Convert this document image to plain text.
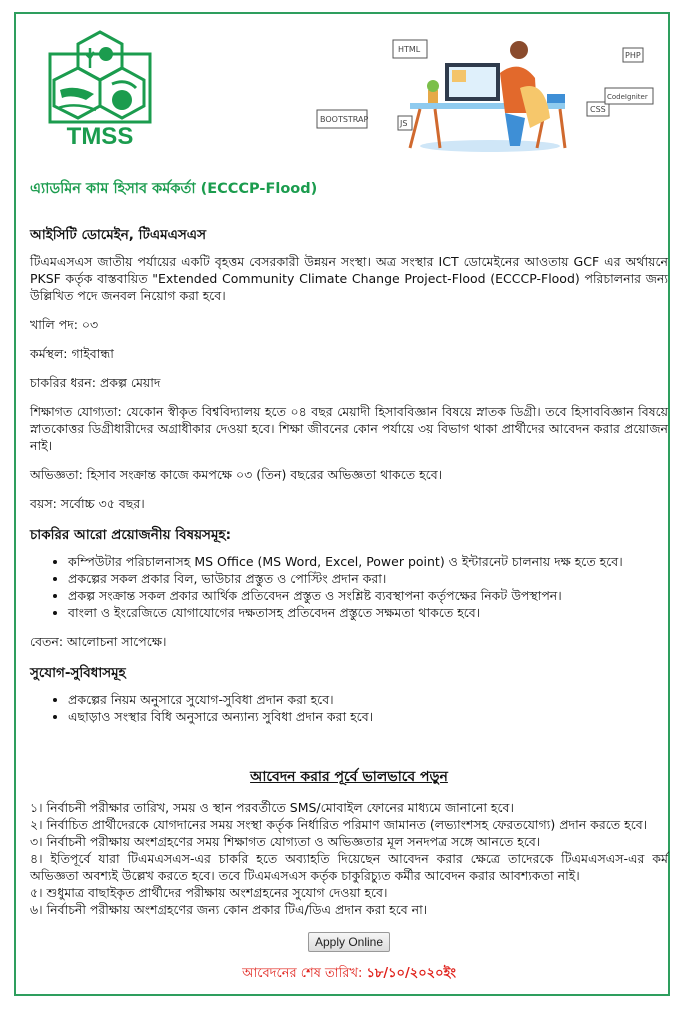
TMSS
HTML
PHP
BOOTSTRAP	JS
CSS
CodeIgniter
এ্যাডমিন কাম হিসাব কর্মকর্তা (ECCCP-Flood)
আইসিটি ডোমেইন, টিএমএসএস

টিএমএসএস জাতীয় পর্যায়ের একটি বৃহত্তম বেসরকারী উন্নয়ন সংস্থা। অত্র সংস্থার ICT ডোমেইনের আওতায় GCF এর অর্থায়নে PKSF কর্তৃক বাস্তবায়িত "Extended Community Climate Change Project-Flood (ECCCP-Flood) পরিচালনার জন্য উল্লিখিত পদে জনবল নিয়োগ করা হবে।

খালি পদ: ০৩

কর্মস্থল: গাইবান্ধা

চাকরির ধরন: প্রকল্প মেয়াদ

শিক্ষাগত যোগ্যতা: যেকোন স্বীকৃত বিশ্ববিদ্যালয় হতে ০৪ বছর মেয়াদী হিসাববিজ্ঞান বিষয়ে স্নাতক ডিগ্রী। তবে হিসাববিজ্ঞান বিষয়ে স্নাতকোত্তর ডিগ্রীধারীদের অগ্রাধীকার দেওয়া হবে। শিক্ষা জীবনের কোন পর্যায়ে ৩য় বিভাগ থাকা প্রার্থীদের আবেদন করার প্রয়োজন নাই।

অভিজ্ঞতা: হিসাব সংক্রান্ত কাজে কমপক্ষে ০৩ (তিন) বছরের অভিজ্ঞতা থাকতে হবে।

বয়স: সর্বোচ্চ ৩৫ বছর।

চাকরির আরো প্রয়োজনীয় বিষয়সমূহ:
• কম্পিউটার পরিচালনাসহ MS Office (MS Word, Excel, Power point) ও ইন্টারনেট চালনায় দক্ষ হতে হবে।
• প্রকল্পের সকল প্রকার বিল, ভাউচার প্রস্তুত ও পোস্টিং প্রদান করা।
• প্রকল্প সংক্রান্ত সকল প্রকার আর্থিক প্রতিবেদন প্রস্তুত ও সংশ্লিষ্ট ব্যবস্থাপনা কর্তৃপক্ষের নিকট উপস্থাপন।
• বাংলা ও ইংরেজিতে যোগাযোগের দক্ষতাসহ প্রতিবেদন প্রস্তুতে সক্ষমতা থাকতে হবে।

বেতন: আলোচনা সাপেক্ষে।

সুযোগ-সুবিধাসমূহ
• প্রকল্পের নিয়ম অনুসারে সুযোগ-সুবিধা প্রদান করা হবে।
• এছাড়াও সংস্থার বিধি অনুসারে অন্যান্য সুবিধা প্রদান করা হবে।
আবেদন করার পূর্বে ভালভাবে পড়ুন
১। নির্বাচনী পরীক্ষার তারিখ, সময় ও স্থান পরবর্তীতে SMS/মোবাইল ফোনের মাধ্যমে জানানো হবে।
২। নির্বাচিত প্রার্থীদেরকে যোগদানের সময় সংস্থা কর্তৃক নির্ধারিত পরিমাণ জামানত (লভ্যাংশসহ ফেরতযোগ্য) প্রদান করতে হবে।
৩। নির্বাচনী পরীক্ষায় অংশগ্রহণের সময় শিক্ষাগত যোগ্যতা ও অভিজ্ঞতার মূল সনদপত্র সঙ্গে আনতে হবে।
৪। ইতিপূর্বে যারা টিএমএসএস-এর চাকরি হতে অব্যাহতি দিয়েছেন আবেদন করার ক্ষেত্রে তাদেরকে টিএমএসএস-এর কর্ম অভিজ্ঞতা অবশ্যই উল্লেখ করতে হবে। তবে টিএমএসএস কর্তৃক চাকুরিচ্যুত কর্মীর আবেদন করার আবশ্যকতা নাই।
৫। শুধুমাত্র বাছাইকৃত প্রার্থীদের পরীক্ষায় অংশগ্রহনের সুযোগ দেওয়া হবে।
৬। নির্বাচনী পরীক্ষায় অংশগ্রহণের জন্য কোন প্রকার টিএ/ডিএ প্রদান করা হবে না।
Apply Online
আবেদনের শেষ তারিখ: ১৮/১০/২০২০ইং
